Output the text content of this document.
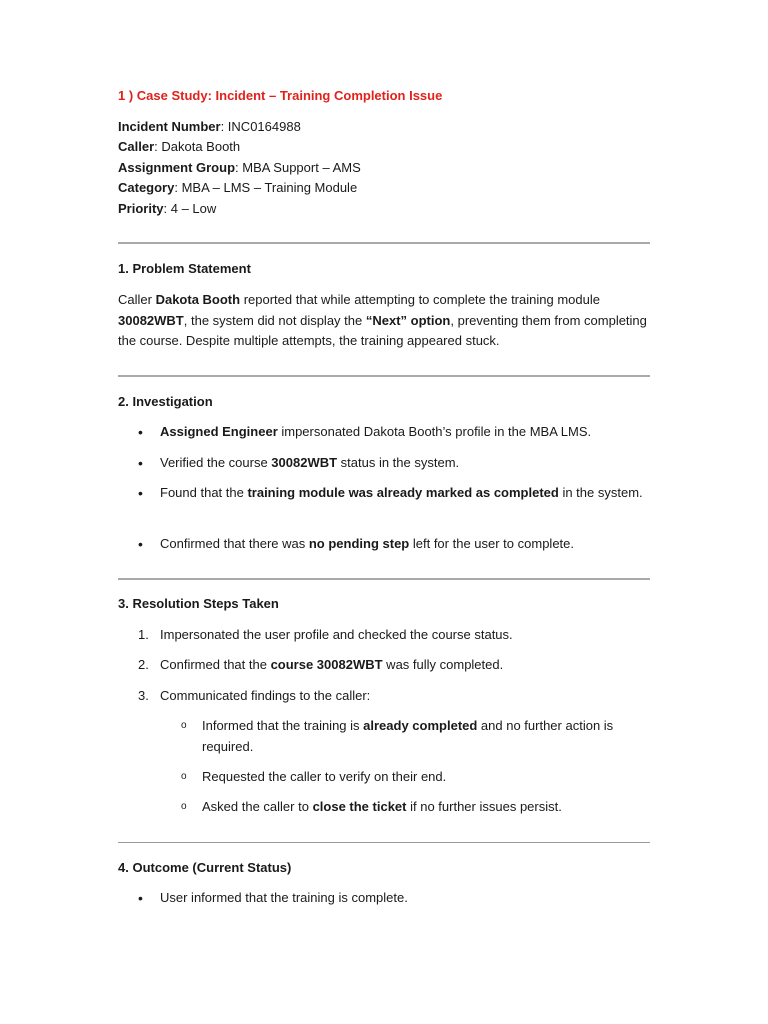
1 ) Case Study: Incident – Training Completion Issue
Incident Number: INC0164988
Caller: Dakota Booth
Assignment Group: MBA Support – AMS
Category: MBA – LMS – Training Module
Priority: 4 – Low
1. Problem Statement
Caller Dakota Booth reported that while attempting to complete the training module 30082WBT, the system did not display the “Next” option, preventing them from completing the course. Despite multiple attempts, the training appeared stuck.
2. Investigation
• Assigned Engineer impersonated Dakota Booth’s profile in the MBA LMS.
• Verified the course 30082WBT status in the system.
• Found that the training module was already marked as completed in the system.
• Confirmed that there was no pending step left for the user to complete.
3. Resolution Steps Taken
1. Impersonated the user profile and checked the course status.
2. Confirmed that the course 30082WBT was fully completed.
3. Communicated findings to the caller:
o Informed that the training is already completed and no further action is required.
o Requested the caller to verify on their end.
o Asked the caller to close the ticket if no further issues persist.
4. Outcome (Current Status)
• User informed that the training is complete.
